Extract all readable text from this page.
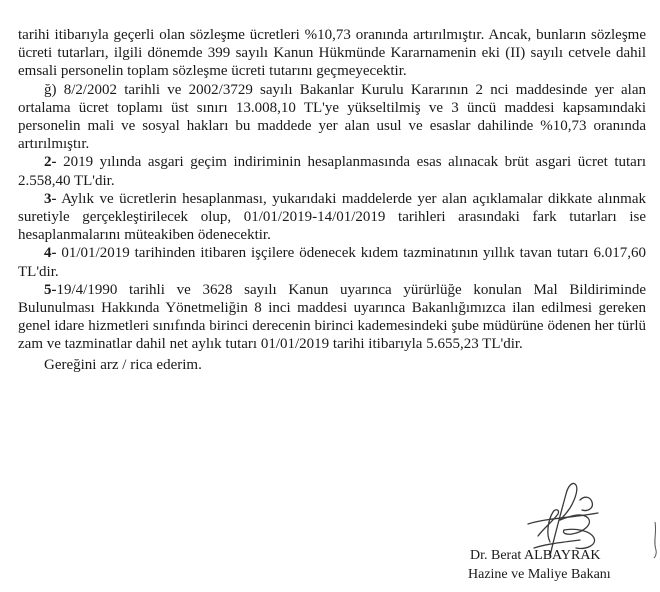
tarihi itibarıyla geçerli olan sözleşme ücretleri %10,73 oranında artırılmıştır. Ancak, bunların sözleşme ücreti tutarları, ilgili dönemde 399 sayılı Kanun Hükmünde Kararnamenin eki (II) sayılı cetvele dahil emsali personelin toplam sözleşme ücreti tutarını geçmeyecektir.

ğ) 8/2/2002 tarihli ve 2002/3729 sayılı Bakanlar Kurulu Kararının 2 nci maddesinde yer alan ortalama ücret toplamı üst sınırı 13.008,10 TL'ye yükseltilmiş ve 3 üncü maddesi kapsamındaki personelin mali ve sosyal hakları bu maddede yer alan usul ve esaslar dahilinde %10,73 oranında artırılmıştır.

2- 2019 yılında asgari geçim indiriminin hesaplanmasında esas alınacak brüt asgari ücret tutarı 2.558,40 TL'dir.

3- Aylık ve ücretlerin hesaplanması, yukarıdaki maddelerde yer alan açıklamalar dikkate alınmak suretiyle gerçekleştirilecek olup, 01/01/2019-14/01/2019 tarihleri arasındaki fark tutarları ise hesaplanmalarını müteakiben ödenecektir.

4- 01/01/2019 tarihinden itibaren işçilere ödenecek kıdem tazminatının yıllık tavan tutarı 6.017,60 TL'dir.

5-19/4/1990 tarihli ve 3628 sayılı Kanun uyarınca yürürlüğe konulan Mal Bildiriminde Bulunulması Hakkında Yönetmeliğin 8 inci maddesi uyarınca Bakanlığımızca ilan edilmesi gereken genel idare hizmetleri sınıfında birinci derecenin birinci kademesindeki şube müdürüne ödenen her türlü zam ve tazminatlar dahil net aylık tutarı 01/01/2019 tarihi itibarıyla 5.655,23 TL'dir.

Gereğini arz / rica ederim.

Dr. Berat ALBAYRAK
Hazine ve Maliye Bakanı
